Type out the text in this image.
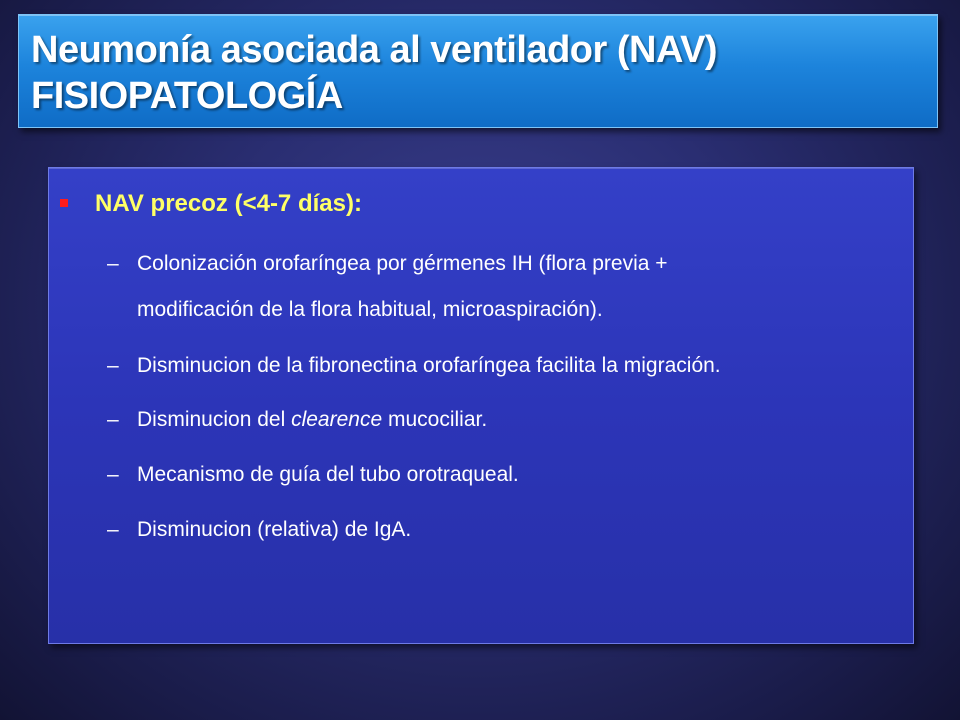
Neumonía asociada al ventilador (NAV)
FISIOPATOLOGÍA
NAV precoz (<4-7 días):
– Colonización orofaríngea por gérmenes IH (flora previa +
modificación de la flora habitual, microaspiración).
– Disminucion de la fibronectina orofaríngea facilita la migración.
– Disminucion del clearence mucociliar.
– Mecanismo de guía del tubo orotraqueal.
– Disminucion (relativa) de IgA.
